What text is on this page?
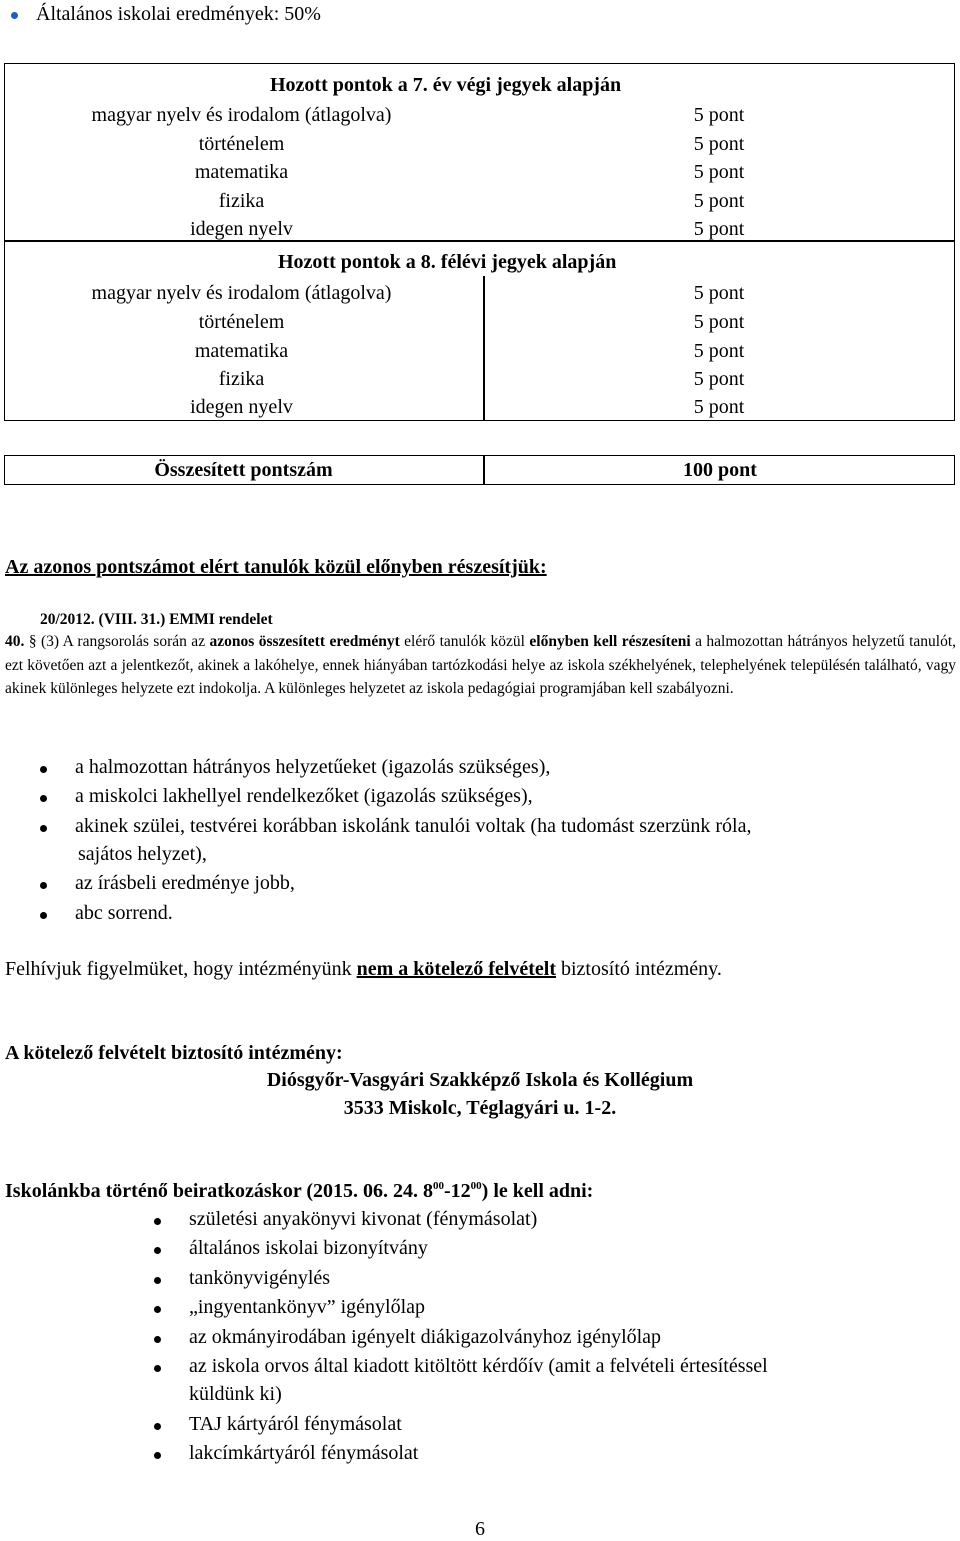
Általános iskolai eredmények: 50%
Hozott pontok a 7. év végi jegyek alapján
magyar nyelv és irodalom (átlagolva)	5 pont
történelem	5 pont
matematika	5 pont
fizika	5 pont
idegen nyelv	5 pont
Hozott pontok a 8. félévi jegyek alapján
magyar nyelv és irodalom (átlagolva)	5 pont
történelem	5 pont
matematika	5 pont
fizika	5 pont
idegen nyelv	5 pont
Összesített pontszám	100 pont
Az azonos pontszámot elért tanulók közül előnyben részesítjük:
20/2012. (VIII. 31.) EMMI rendelet
40. § (3) A rangsorolás során az azonos összesített eredményt elérő tanulók közül előnyben kell részesíteni a halmozottan hátrányos helyzetű tanulót, ezt követően azt a jelentkezőt, akinek a lakóhelye, ennek hiányában tartózkodási helye az iskola székhelyének, telephelyének településén található, vagy akinek különleges helyzete ezt indokolja. A különleges helyzetet az iskola pedagógiai programjában kell szabályozni.
a halmozottan hátrányos helyzetűeket (igazolás szükséges),
a miskolci lakhellyel rendelkezőket (igazolás szükséges),
akinek szülei, testvérei korábban iskolánk tanulói voltak (ha tudomást szerzünk róla,
sajátos helyzet),
az írásbeli eredménye jobb,
abc sorrend.
Felhívjuk figyelmüket, hogy intézményünk nem a kötelező felvételt biztosító intézmény.
A kötelező felvételt biztosító intézmény:
Diósgyőr-Vasgyári Szakképző Iskola és Kollégium
3533 Miskolc, Téglagyári u. 1-2.
Iskolánkba történő beiratkozáskor (2015. 06. 24. $8^{00}-12^{00}$) le kell adni:
születési anyakönyvi kivonat (fénymásolat)
általános iskolai bizonyítvány
tankönyvigénylés
„ingyentankönyv” igénylőlap
az okmányirodában igényelt diákigazolványhoz igénylőlap
az iskola orvos által kiadott kitöltött kérdőív (amit a felvételi értesítéssel
küldünk ki)
TAJ kártyáról fénymásolat
lakcímkártyáról fénymásolat
6
